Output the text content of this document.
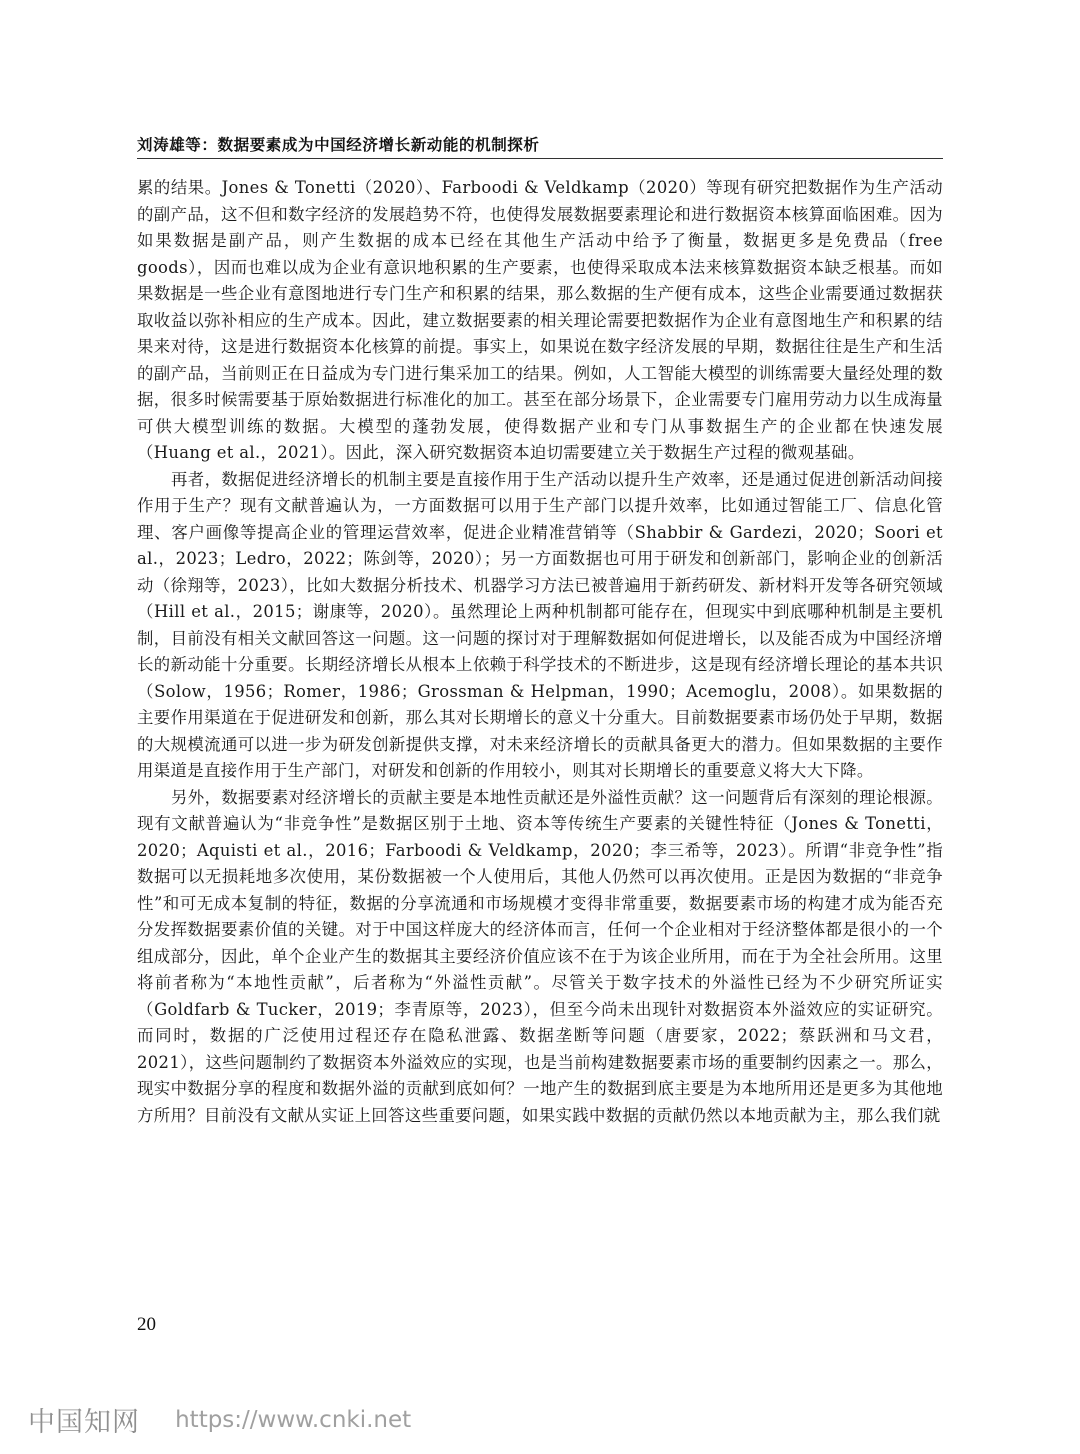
刘涛雄等：数据要素成为中国经济增长新动能的机制探析

累的结果。Jones & Tonetti（2020）、Farboodi & Veldkamp（2020）等现有研究把数据作为生产活动的副产品，这不但和数字经济的发展趋势不符，也使得发展数据要素理论和进行数据资本核算面临困难。因为如果数据是副产品，则产生数据的成本已经在其他生产活动中给予了衡量，数据更多是免费品（free goods），因而也难以成为企业有意识地积累的生产要素，也使得采取成本法来核算数据资本缺乏根基。而如果数据是一些企业有意图地进行专门生产和积累的结果，那么数据的生产便有成本，这些企业需要通过数据获取收益以弥补相应的生产成本。因此，建立数据要素的相关理论需要把数据作为企业有意图地生产和积累的结果来对待，这是进行数据资本化核算的前提。事实上，如果说在数字经济发展的早期，数据往往是生产和生活的副产品，当前则正在日益成为专门进行集采加工的结果。例如，人工智能大模型的训练需要大量经处理的数据，很多时候需要基于原始数据进行标准化的加工。甚至在部分场景下，企业需要专门雇用劳动力以生成海量可供大模型训练的数据。大模型的蓬勃发展，使得数据产业和专门从事数据生产的企业都在快速发展（Huang et al.，2021）。因此，深入研究数据资本迫切需要建立关于数据生产过程的微观基础。

再者，数据促进经济增长的机制主要是直接作用于生产活动以提升生产效率，还是通过促进创新活动间接作用于生产？现有文献普遍认为，一方面数据可以用于生产部门以提升效率，比如通过智能工厂、信息化管理、客户画像等提高企业的管理运营效率，促进企业精准营销等（Shabbir & Gardezi，2020；Soori et al.，2023；Ledro，2022；陈剑等，2020）；另一方面数据也可用于研发和创新部门，影响企业的创新活动（徐翔等，2023），比如大数据分析技术、机器学习方法已被普遍用于新药研发、新材料开发等各研究领域（Hill et al.，2015；谢康等，2020）。虽然理论上两种机制都可能存在，但现实中到底哪种机制是主要机制，目前没有相关文献回答这一问题。这一问题的探讨对于理解数据如何促进增长，以及能否成为中国经济增长的新动能十分重要。长期经济增长从根本上依赖于科学技术的不断进步，这是现有经济增长理论的基本共识（Solow，1956；Romer，1986；Grossman & Helpman，1990；Acemoglu，2008）。如果数据的主要作用渠道在于促进研发和创新，那么其对长期增长的意义十分重大。目前数据要素市场仍处于早期，数据的大规模流通可以进一步为研发创新提供支撑，对未来经济增长的贡献具备更大的潜力。但如果数据的主要作用渠道是直接作用于生产部门，对研发和创新的作用较小，则其对长期增长的重要意义将大大下降。

另外，数据要素对经济增长的贡献主要是本地性贡献还是外溢性贡献？这一问题背后有深刻的理论根源。现有文献普遍认为“非竞争性”是数据区别于土地、资本等传统生产要素的关键性特征（Jones & Tonetti，2020；Aquisti et al.，2016；Farboodi & Veldkamp，2020；李三希等，2023）。所谓“非竞争性”指数据可以无损耗地多次使用，某份数据被一个人使用后，其他人仍然可以再次使用。正是因为数据的“非竞争性”和可无成本复制的特征，数据的分享流通和市场规模才变得非常重要，数据要素市场的构建才成为能否充分发挥数据要素价值的关键。对于中国这样庞大的经济体而言，任何一个企业相对于经济整体都是很小的一个组成部分，因此，单个企业产生的数据其主要经济价值应该不在于为该企业所用，而在于为全社会所用。这里将前者称为“本地性贡献”，后者称为“外溢性贡献”。尽管关于数字技术的外溢性已经为不少研究所证实（Goldfarb & Tucker，2019；李青原等，2023），但至今尚未出现针对数据资本外溢效应的实证研究。而同时，数据的广泛使用过程还存在隐私泄露、数据垄断等问题（唐要家，2022；蔡跃洲和马文君，2021），这些问题制约了数据资本外溢效应的实现，也是当前构建数据要素市场的重要制约因素之一。那么，现实中数据分享的程度和数据外溢的贡献到底如何？一地产生的数据到底主要是为本地所用还是更多为其他地方所用？目前没有文献从实证上回答这些重要问题，如果实践中数据的贡献仍然以本地贡献为主，那么我们就

20
中国知网 https://www.cnki.net
